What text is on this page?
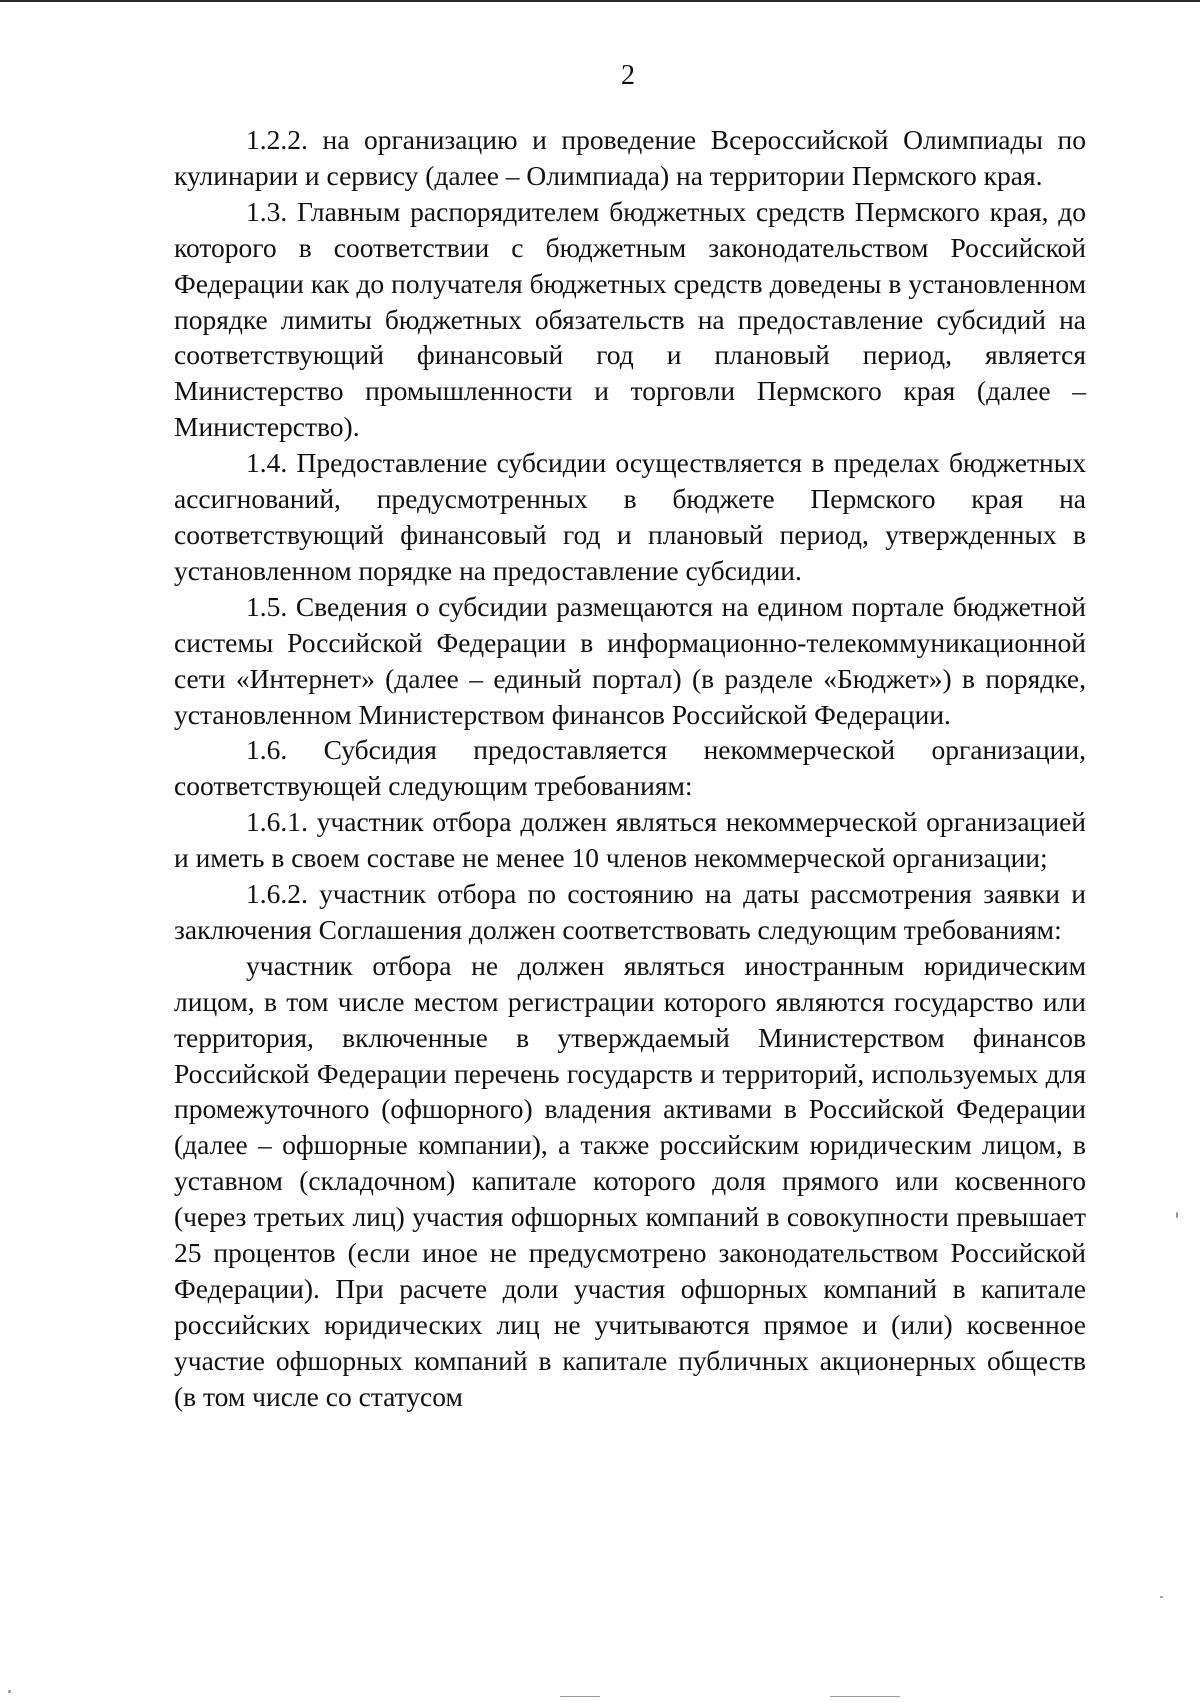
2

1.2.2. на организацию и проведение Всероссийской Олимпиады по кулинарии и сервису (далее – Олимпиада) на территории Пермского края.

1.3. Главным распорядителем бюджетных средств Пермского края, до которого в соответствии с бюджетным законодательством Российской Федерации как до получателя бюджетных средств доведены в установленном порядке лимиты бюджетных обязательств на предоставление субсидий на соответствующий финансовый год и плановый период, является Министерство промышленности и торговли Пермского края (далее – Министерство).

1.4. Предоставление субсидии осуществляется в пределах бюджетных ассигнований, предусмотренных в бюджете Пермского края на соответствующий финансовый год и плановый период, утвержденных в установленном порядке на предоставление субсидии.

1.5. Сведения о субсидии размещаются на едином портале бюджетной системы Российской Федерации в информационно-телекоммуникационной сети «Интернет» (далее – единый портал) (в разделе «Бюджет») в порядке, установленном Министерством финансов Российской Федерации.

1.6. Субсидия предоставляется некоммерческой организации, соответствующей следующим требованиям:

1.6.1. участник отбора должен являться некоммерческой организацией и иметь в своем составе не менее 10 членов некоммерческой организации;

1.6.2. участник отбора по состоянию на даты рассмотрения заявки и заключения Соглашения должен соответствовать следующим требованиям:

участник отбора не должен являться иностранным юридическим лицом, в том числе местом регистрации которого являются государство или территория, включенные в утверждаемый Министерством финансов Российской Федерации перечень государств и территорий, используемых для промежуточного (офшорного) владения активами в Российской Федерации (далее – офшорные компании), а также российским юридическим лицом, в уставном (складочном) капитале которого доля прямого или косвенного (через третьих лиц) участия офшорных компаний в совокупности превышает 25 процентов (если иное не предусмотрено законодательством Российской Федерации). При расчете доли участия офшорных компаний в капитале российских юридических лиц не учитываются прямое и (или) косвенное участие офшорных компаний в капитале публичных акционерных обществ (в том числе со статусом
